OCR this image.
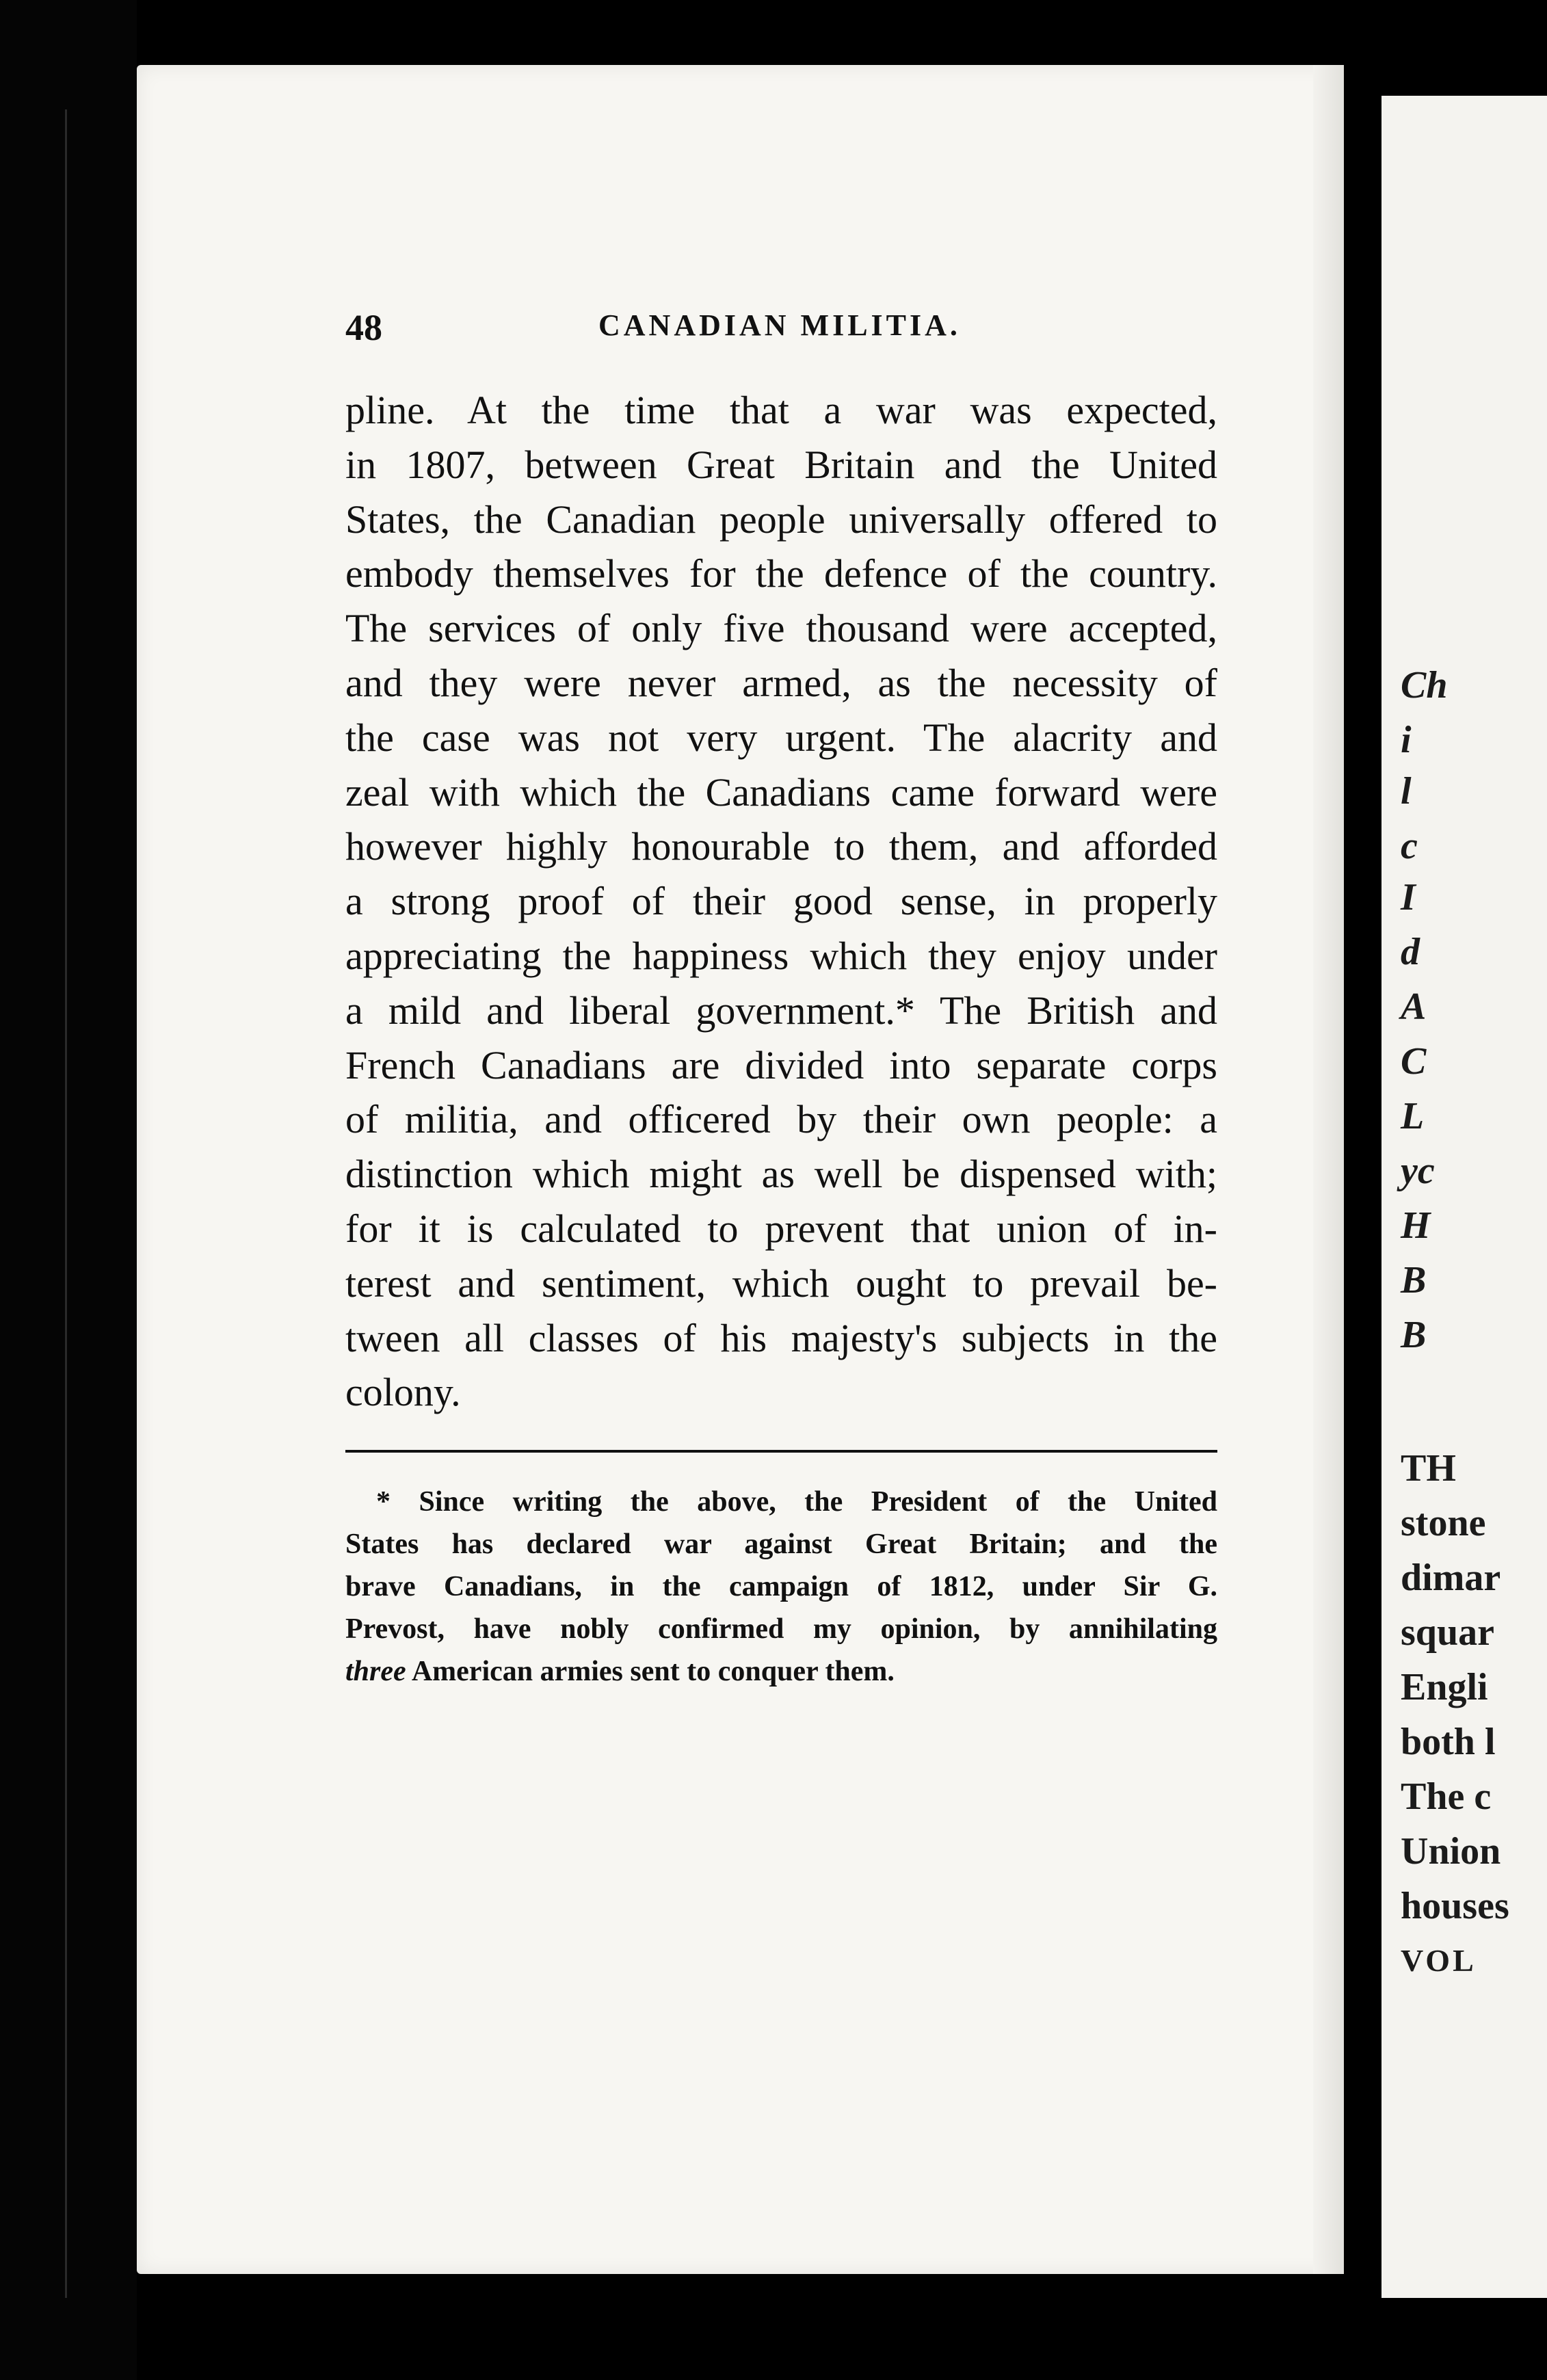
48	CANADIAN MILITIA.
pline. At the time that a war was expected,
in 1807, between Great Britain and the United
States, the Canadian people universally offered to
embody themselves for the defence of the country.
The services of only five thousand were accepted,
and they were never armed, as the necessity of
the case was not very urgent. The alacrity and
zeal with which the Canadians came forward were
however highly honourable to them, and afforded
a strong proof of their good sense, in properly
appreciating the happiness which they enjoy under
a mild and liberal government.* The British and
French Canadians are divided into separate corps
of militia, and officered by their own people: a
distinction which might as well be dispensed with;
for it is calculated to prevent that union of in-
terest and sentiment, which ought to prevail be-
tween all classes of his majesty's subjects in the
colony.
* Since writing the above, the President of the United
States has declared war against Great Britain; and the
brave Canadians, in the campaign of 1812, under Sir G.
Prevost, have nobly confirmed my opinion, by annihilating
three American armies sent to conquer them.
Ch
i
l
c
I
d
A
C
L
yc
H
B
B
TH
stone
dimar
squar
Engli
both l
The c
Union
houses
VOL
